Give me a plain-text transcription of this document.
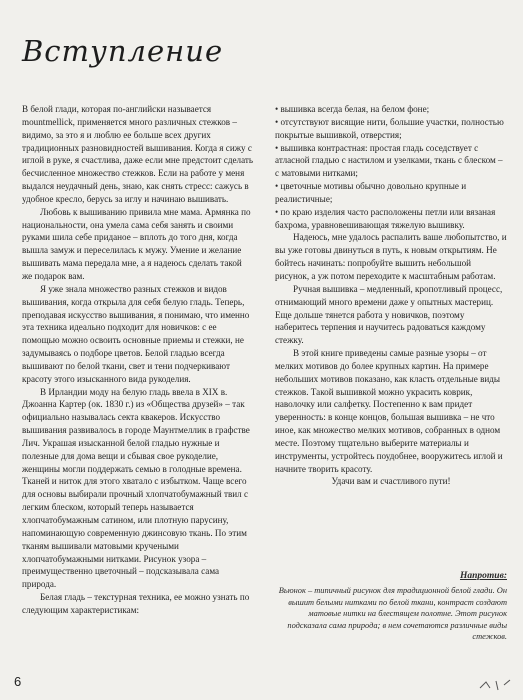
Вступление

В белой глади, которая по-английски называется mountmellick, применяется много различных стежков – видимо, за это я и люблю ее больше всех других традиционных разновидностей вышивания. Когда я сижу с иглой в руке, я счастлива, даже если мне предстоит сделать бесчисленное множество стежков. Если на работе у меня выдался неудачный день, знаю, как снять стресс: сажусь в удобное кресло, берусь за иглу и начинаю вышивать.

Любовь к вышиванию привила мне мама. Армянка по национальности, она умела сама себя занять и своими руками шила себе приданое – вплоть до того дня, когда вышла замуж и переселилась к мужу. Умение и желание вышивать мама передала мне, а я надеюсь сделать такой же подарок вам.

Я уже знала множество разных стежков и видов вышивания, когда открыла для себя белую гладь. Теперь, преподавая искусство вышивания, я понимаю, что именно эта техника идеально подходит для новичков: с ее помощью можно освоить основные приемы и стежки, не задумываясь о подборе цветов. Белой гладью всегда вышивают по белой ткани, свет и тени подчеркивают красоту этого изысканного вида рукоделия.

В Ирландии моду на белую гладь ввела в XIX в. Джоанна Картер (ок. 1830 г.) из «Общества друзей» – так официально называлась секта квакеров. Искусство вышивания развивалось в городе Маунтмеллик в графстве Лич. Украшая изысканной белой гладью нужные и полезные для дома вещи и сбывая свое рукоделие, женщины могли поддержать семью в голодные времена. Тканей и ниток для этого хватало с избытком. Чаще всего для основы выбирали прочный хлопчатобумажный твил с легким блеском, который теперь называется хлопчатобумажным сатином, или плотную парусину, напоминающую современную джинсовую ткань. По этим тканям вышивали матовыми кручеными хлопчатобумажными нитками. Рисунок узора – преимущественно цветочный – подсказывала сама природа.

Белая гладь – текстурная техника, ее можно узнать по следующим характеристикам:

• вышивка всегда белая, на белом фоне;

• отсутствуют висящие нити, большие участки, полностью покрытые вышивкой, отверстия;

• вышивка контрастная: простая гладь соседствует с атласной гладью с настилом и узелками, ткань с блеском – с матовыми нитками;

• цветочные мотивы обычно довольно крупные и реалистичные;

• по краю изделия часто расположены петли или вязаная бахрома, уравновешивающая тяжелую вышивку.

Надеюсь, мне удалось распалить ваше любопытство, и вы уже готовы двинуться в путь, к новым открытиям. Не бойтесь начинать: попробуйте вышить небольшой рисунок, а уж потом переходите к масштабным работам.

Ручная вышивка – медленный, кропотливый процесс, отнимающий много времени даже у опытных мастериц. Еще дольше тянется работа у новичков, поэтому наберитесь терпения и научитесь радоваться каждому стежку.

В этой книге приведены самые разные узоры – от мелких мотивов до более крупных картин. На примере небольших мотивов показано, как класть отдельные виды стежков. Такой вышивкой можно украсить коврик, наволочку или салфетку. Постепенно к вам придет уверенность: в конце концов, большая вышивка – не что иное, как множество мелких мотивов, собранных в одном месте. Поэтому тщательно выберите материалы и инструменты, устройтесь поудобнее, вооружитесь иглой и начните творить красоту.

Удачи вам и счастливого пути!

Напротив:
Вьюнок – типичный рисунок для традиционной белой глади. Он вышит белыми нитками по белой ткани, контраст создают матовые нитки на блестящем полотне. Этот рисунок подсказала сама природа; в нем сочетаются различные виды стежков.
6
